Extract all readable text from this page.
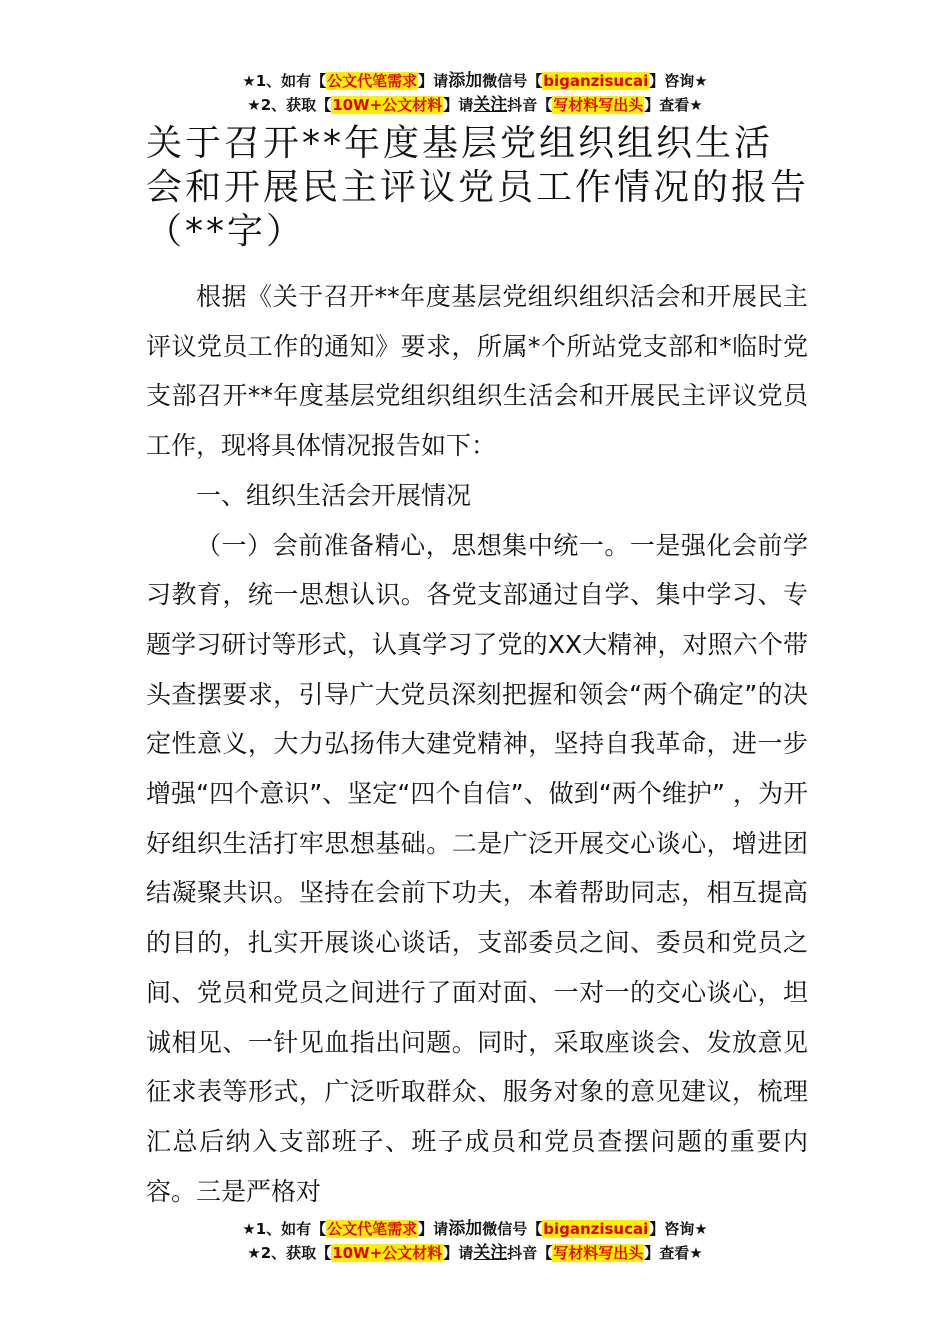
★1、如有【公文代笔需求】请添加微信号【biganzisucai】咨询★
★2、获取【10W+公文材料】请关注抖音【写材料写出头】查看★
关于召开**年度基层党组织组织生活会和开展民主评议党员工作情况的报告（**字）

根据《关于召开**年度基层党组织组织活会和开展民主评议党员工作的通知》要求，所属*个所站党支部和*临时党支部召开**年度基层党组织组织生活会和开展民主评议党员工作，现将具体情况报告如下：

一、组织生活会开展情况

（一）会前准备精心，思想集中统一。一是强化会前学习教育，统一思想认识。各党支部通过自学、集中学习、专题学习研讨等形式，认真学习了党的XX大精神，对照六个带头查摆要求，引导广大党员深刻把握和领会“两个确定”的决定性意义，大力弘扬伟大建党精神，坚持自我革命，进一步增强“四个意识”、坚定“四个自信”、做到“两个维护” ，为开好组织生活打牢思想基础。二是广泛开展交心谈心，增进团结凝聚共识。坚持在会前下功夫，本着帮助同志，相互提高的目的，扎实开展谈心谈话，支部委员之间、委员和党员之间、党员和党员之间进行了面对面、一对一的交心谈心，坦诚相见、一针见血指出问题。同时，采取座谈会、发放意见征求表等形式，广泛听取群众、服务对象的意见建议，梳理汇总后纳入支部班子、班子成员和党员查摆问题的重要内容。三是严格对

★1、如有【公文代笔需求】请添加微信号【biganzisucai】咨询★
★2、获取【10W+公文材料】请关注抖音【写材料写出头】查看★
